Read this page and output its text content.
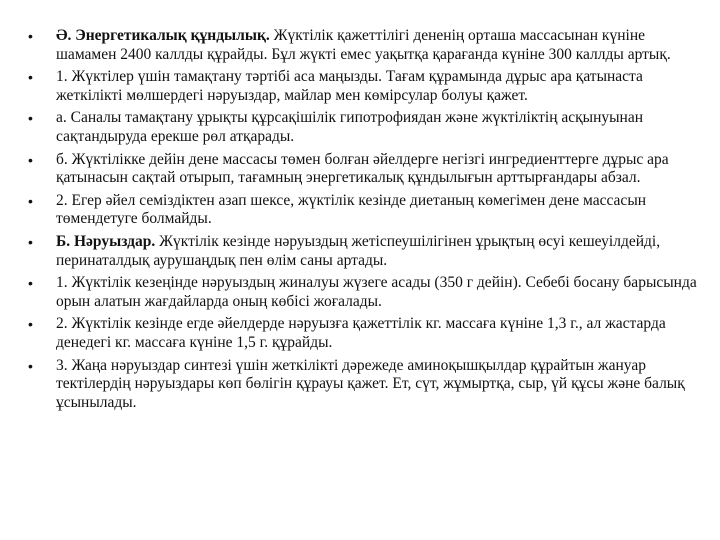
• Ә. Энергетикалық құндылық. Жүктілік қажеттілігі дененің орташа массасынан күніне шамамен 2400 каллды құрайды. Бұл жүкті емес уақытқа қарағанда күніне 300 каллды артық.
• 1. Жүктілер үшін тамақтану тәртібі аса маңызды. Тағам құрамында дұрыс ара қатынаста жеткілікті мөлшердегі нәруыздар, майлар мен көмірсулар болуы қажет.
• а. Саналы тамақтану ұрықты құрсақішілік гипотрофиядан және жүктіліктің асқынуынан сақтандыруда ерекше рөл атқарады.
• б. Жүктілікке дейін дене массасы төмен болған әйелдерге негізгі ингредиенттерге дұрыс ара қатынасын сақтай отырып, тағамның энергетикалық құндылығын арттырғандары абзал.
• 2. Егер әйел семіздіктен азап шексе, жүктілік кезінде диетаның көмегімен дене массасын төмендетуге болмайды.
• Б. Нәруыздар. Жүктілік кезінде нәруыздың жетіспеушілігінен ұрықтың өсуі кешеуілдейді, перинаталдық аурушаңдық пен өлім саны артады.
• 1. Жүктілік кезеңінде нәруыздың жиналуы жүзеге асады (350 г дейін). Себебі босану барысында орын алатын жағдайларда оның көбісі жоғалады.
• 2. Жүктілік кезінде егде әйелдерде нәруызға қажеттілік кг. массаға күніне 1,3 г., ал жастарда денедегі кг. массаға күніне 1,5 г. құрайды.
• 3. Жаңа нәруыздар синтезі үшін жеткілікті дәрежеде аминоқышқылдар құрайтын жануар тектілердің нәруыздары көп бөлігін құрауы қажет. Ет, сүт, жұмыртқа, сыр, үй құсы және балық ұсынылады.
